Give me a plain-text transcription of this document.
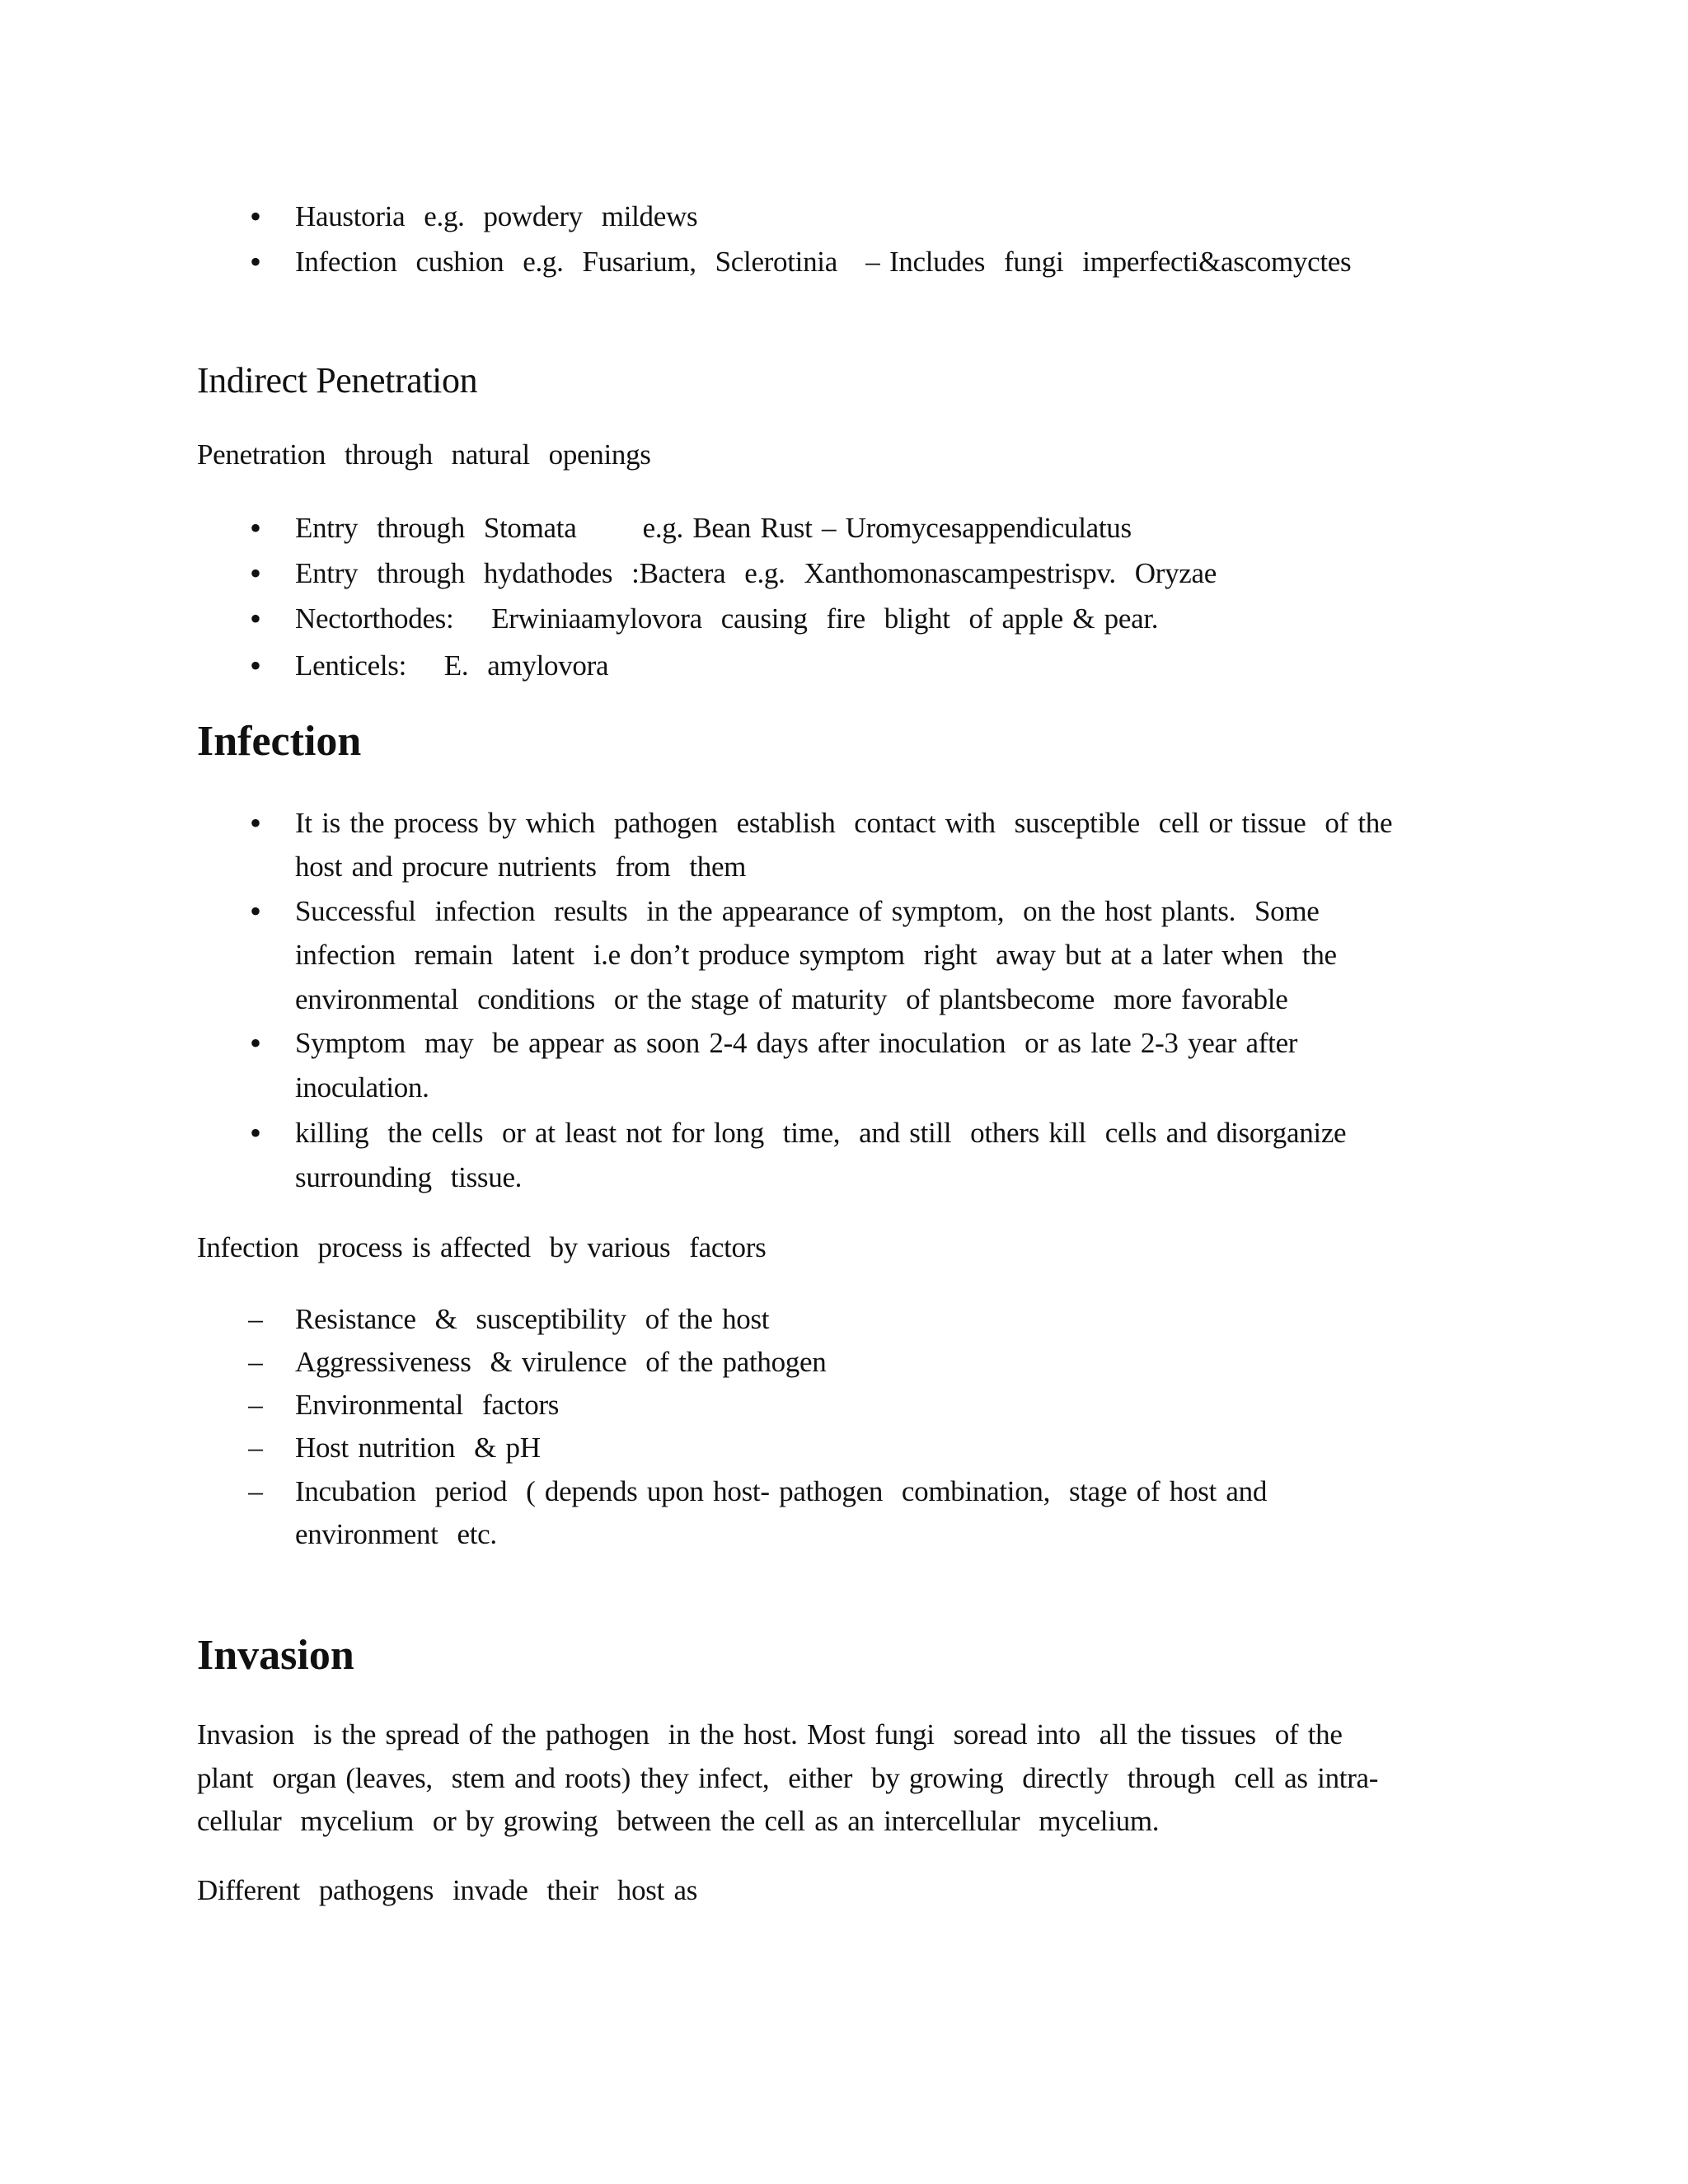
• Haustoria  e.g.  powdery  mildews
• Infection  cushion  e.g.  Fusarium,  Sclerotinia   – Includes  fungi  imperfecti&ascomyctes
Indirect Penetration
Penetration  through  natural  openings
• Entry  through  Stomata       e.g. Bean Rust – Uromycesappendiculatus
• Entry  through  hydathodes  :Bactera  e.g.  Xanthomonascampestrispv.  Oryzae
• Nectorthodes:    Erwiniaamylovora  causing  fire  blight  of apple & pear.
• Lenticels:    E.  amylovora
Infection
• It is the process by which  pathogen  establish  contact with  susceptible  cell or tissue  of the
host and procure nutrients  from  them
• Successful  infection  results  in the appearance of symptom,  on the host plants.  Some
infection  remain  latent  i.e don’t produce symptom  right  away but at a later when  the
environmental  conditions  or the stage of maturity  of plantsbecome  more favorable
• Symptom  may  be appear as soon 2-4 days after inoculation  or as late 2-3 year after
inoculation.
• killing  the cells  or at least not for long  time,  and still  others kill  cells and disorganize
surrounding  tissue.
Infection  process is affected  by various  factors
– Resistance  &  susceptibility  of the host
– Aggressiveness  & virulence  of the pathogen
– Environmental  factors
– Host nutrition  & pH
– Incubation  period  ( depends upon host- pathogen  combination,  stage of host and
environment  etc.
Invasion
Invasion  is the spread of the pathogen  in the host. Most fungi  soread into  all the tissues  of the
plant  organ (leaves,  stem and roots) they infect,  either  by growing  directly  through  cell as intra-
cellular  mycelium  or by growing  between the cell as an intercellular  mycelium.
Different  pathogens  invade  their  host as
